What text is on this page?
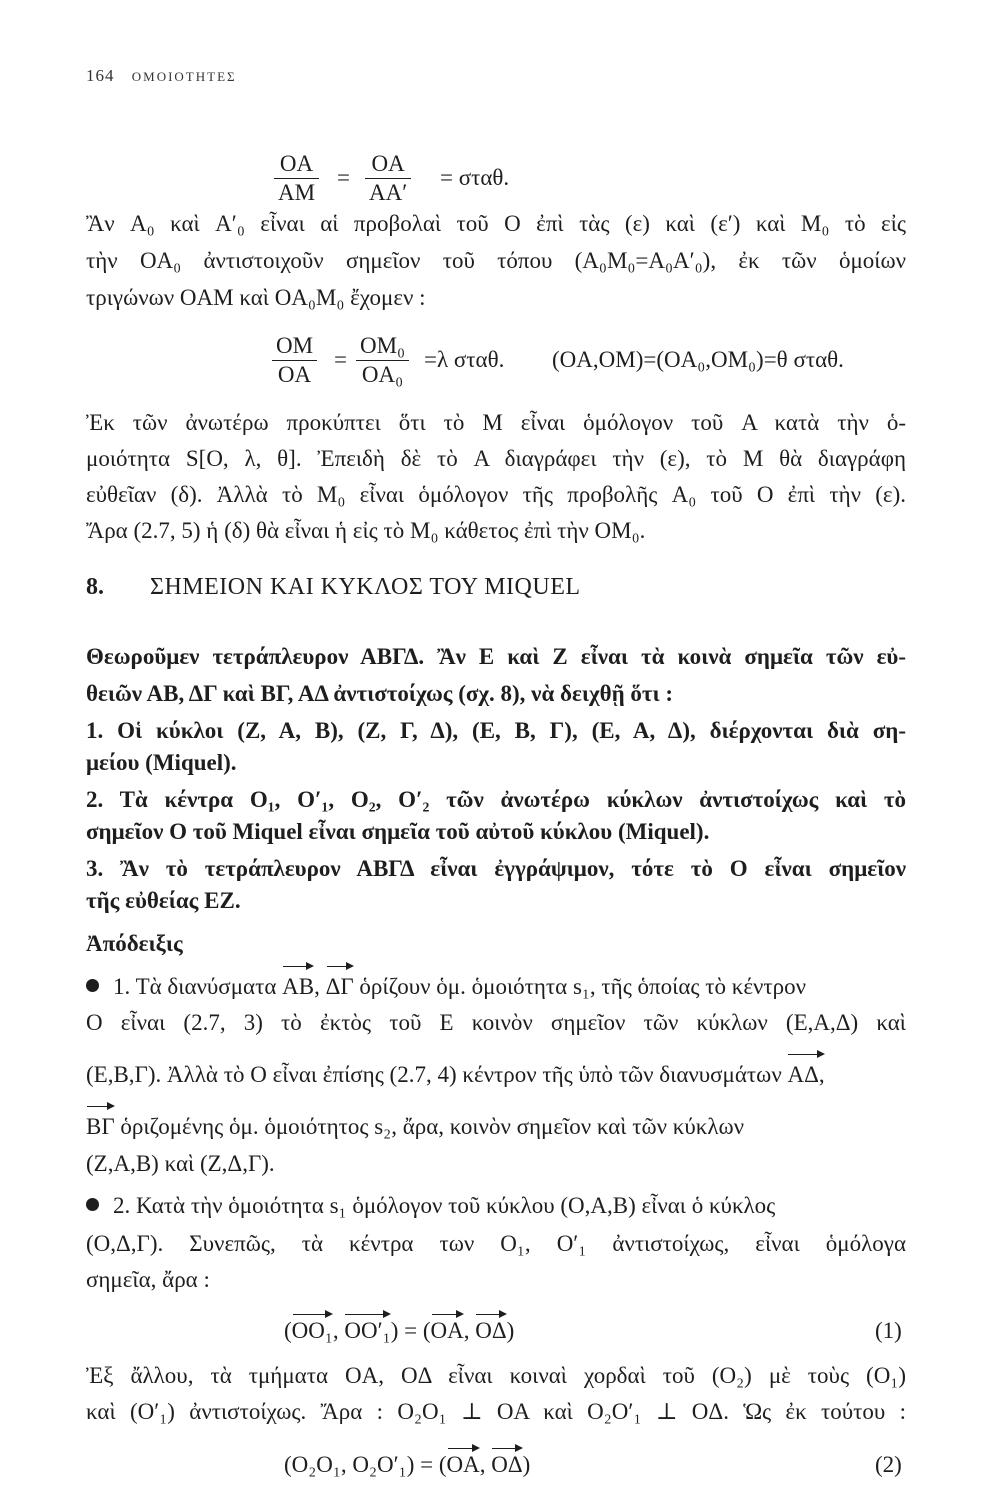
164 ΟΜΟΙΟΤΗΤΕΣ
$\frac{OA}{AM} = \frac{OA}{AA'} = \sigma\tau\alpha\theta$.
Ἂν A₀ καὶ A′₀ εἶναι αἱ προβολαὶ τοῦ O ἐπὶ τὰς (ε) καὶ (ε′) καὶ M₀ τὸ εἰς
τὴν OA₀ ἀντιστοιχοῦν σημεῖον τοῦ τόπου (A₀M₀=A₀A′₀), ἐκ τῶν ὁμοίων
τριγώνων OAM καὶ OA₀M₀ ἔχομεν :
$\frac{OM}{OA} = \frac{\text{OM₀}}{\text{OA₀}} =\lambda$ σταθ. (OA,OM)=(OA₀,OM₀)=θ σταθ.
Ἐκ τῶν ἀνωτέρω προκύπτει ὅτι τὸ M εἶναι ὁμόλογον τοῦ A κατὰ τὴν ὁ-
μοιότητα S[O, λ, θ]. Ἐπειδὴ δὲ τὸ A διαγράφει τὴν (ε), τὸ M θὰ διαγράφη
εὐθεῖαν (δ). Ἀλλὰ τὸ M₀ εἶναι ὁμόλογον τῆς προβολῆς A₀ τοῦ O ἐπὶ τὴν (ε).
Ἄρα (2.7, 5) ἡ (δ) θὰ εἶναι ἡ εἰς τὸ M₀ κάθετος ἐπὶ τὴν OM₀.
8. ΣΗΜΕΙΟΝ ΚΑΙ ΚΥΚΛΟΣ ΤΟΥ MIQUEL
Θεωροῦμεν τετράπλευρον ΑΒΓΔ. Ἂν Ε καὶ Ζ εἶναι τὰ κοινὰ σημεῖα τῶν εὐ-
θειῶν ΑΒ, ΔΓ καὶ ΒΓ, ΑΔ ἀντιστοίχως (σχ. 8), νὰ δειχθῇ ὅτι :
1. Οἱ κύκλοι (Ζ, Α, Β), (Ζ, Γ, Δ), (Ε, Β, Γ), (Ε, Α, Δ), διέρχονται διὰ ση-
μείου (Miquel).
2. Τὰ κέντρα O₁, O′₁, O₂, O′₂ τῶν ἀνωτέρω κύκλων ἀντιστοίχως καὶ τὸ
σημεῖον Ο τοῦ Miquel εἶναι σημεῖα τοῦ αὐτοῦ κύκλου (Miquel).
3. Ἂν τὸ τετράπλευρον ΑΒΓΔ εἶναι ἐγγράψιμον, τότε τὸ Ο εἶναι σημεῖον
τῆς εὐθείας ΕΖ.
Ἀπόδειξις
1. Τὰ διανύσματα AB, ΔΓ ὁρίζουν ὁμ. ὁμοιότητα s₁, τῆς ὁποίας τὸ κέντρον
O εἶναι (2.7, 3) τὸ ἐκτὸς τοῦ E κοινὸν σημεῖον τῶν κύκλων (Ε,Α,Δ) καὶ
(Ε,Β,Γ). Ἀλλὰ τὸ O εἶναι ἐπίσης (2.7, 4) κέντρον τῆς ὑπὸ τῶν διανυσμάτων ΑΔ,
ΒΓ ὁριζομένης ὁμ. ὁμοιότητος s₂, ἄρα, κοινὸν σημεῖον καὶ τῶν κύκλων
(Ζ,Α,Β) καὶ (Ζ,Δ,Γ).
2. Κατὰ τὴν ὁμοιότητα s₁ ὁμόλογον τοῦ κύκλου (O,A,B) εἶναι ὁ κύκλος
(O,Δ,Γ). Συνεπῶς, τὰ κέντρα των O₁, O′₁ ἀντιστοίχως, εἶναι ὁμόλογα
σημεῖα, ἄρα :
(OO₁, OO′₁) = (OA, OΔ)	(1)
Ἐξ ἄλλου, τὰ τμήματα OA, OΔ εἶναι κοιναὶ χορδαὶ τοῦ (O₂) μὲ τοὺς (O₁)
καὶ (O′₁) ἀντιστοίχως. Ἄρα : O₂O₁ ⊥ OA καὶ O₂O′₁ ⊥ OΔ. Ὡς ἐκ τούτου :
(O₂O₁, O₂O′₁) = (OA, OΔ)	(2)
